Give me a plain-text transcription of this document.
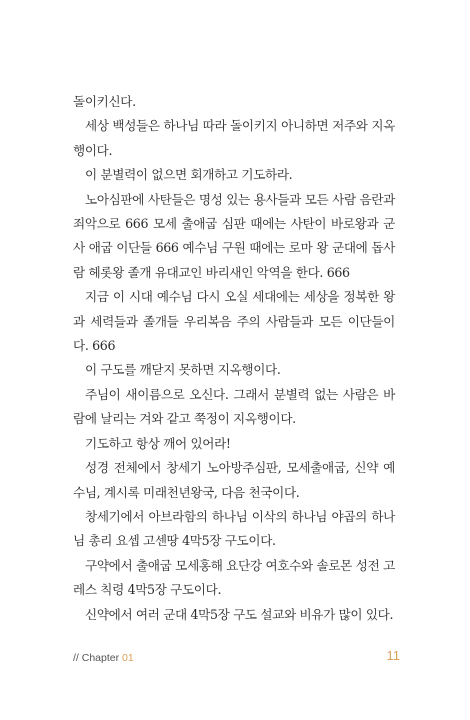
돌이키신다.

세상 백성들은 하나님 따라 돌이키지 아니하면 저주와 지옥행이다.

이 분별력이 없으면 회개하고 기도하라.

노아심판에 사탄들은 명성 있는 용사들과 모든 사람 음란과 죄악으로 666 모세 출애굽 심판 때에는 사탄이 바로왕과 군사 애굽 이단들 666 예수님 구원 때에는 로마 왕 군대에 돕사람 헤롯왕 졸개 유대교인 바리새인 악역을 한다. 666

지금 이 시대 예수님 다시 오실 세대에는 세상을 정복한 왕과 세력들과 졸개들 우리복음 주의 사람들과 모든 이단들이다. 666

이 구도를 깨닫지 못하면 지옥행이다.

주님이 새이름으로 오신다. 그래서 분별력 없는 사람은 바람에 날리는 겨와 같고 쭉정이 지옥행이다.

기도하고 항상 깨어 있어라!

성경 전체에서 창세기 노아방주심판, 모세출애굽, 신약 예수님, 계시록 미래천년왕국, 다음 천국이다.

창세기에서 아브라함의 하나님 이삭의 하나님 야곱의 하나님 총리 요셉 고센땅 4막5장 구도이다.

구약에서 출애굽 모세홍해 요단강 여호수와 솔로몬 성전 고레스 칙령 4막5장 구도이다.

신약에서 여러 군대 4막5장 구도 설교와 비유가 많이 있다.

// Chapter 01	11
